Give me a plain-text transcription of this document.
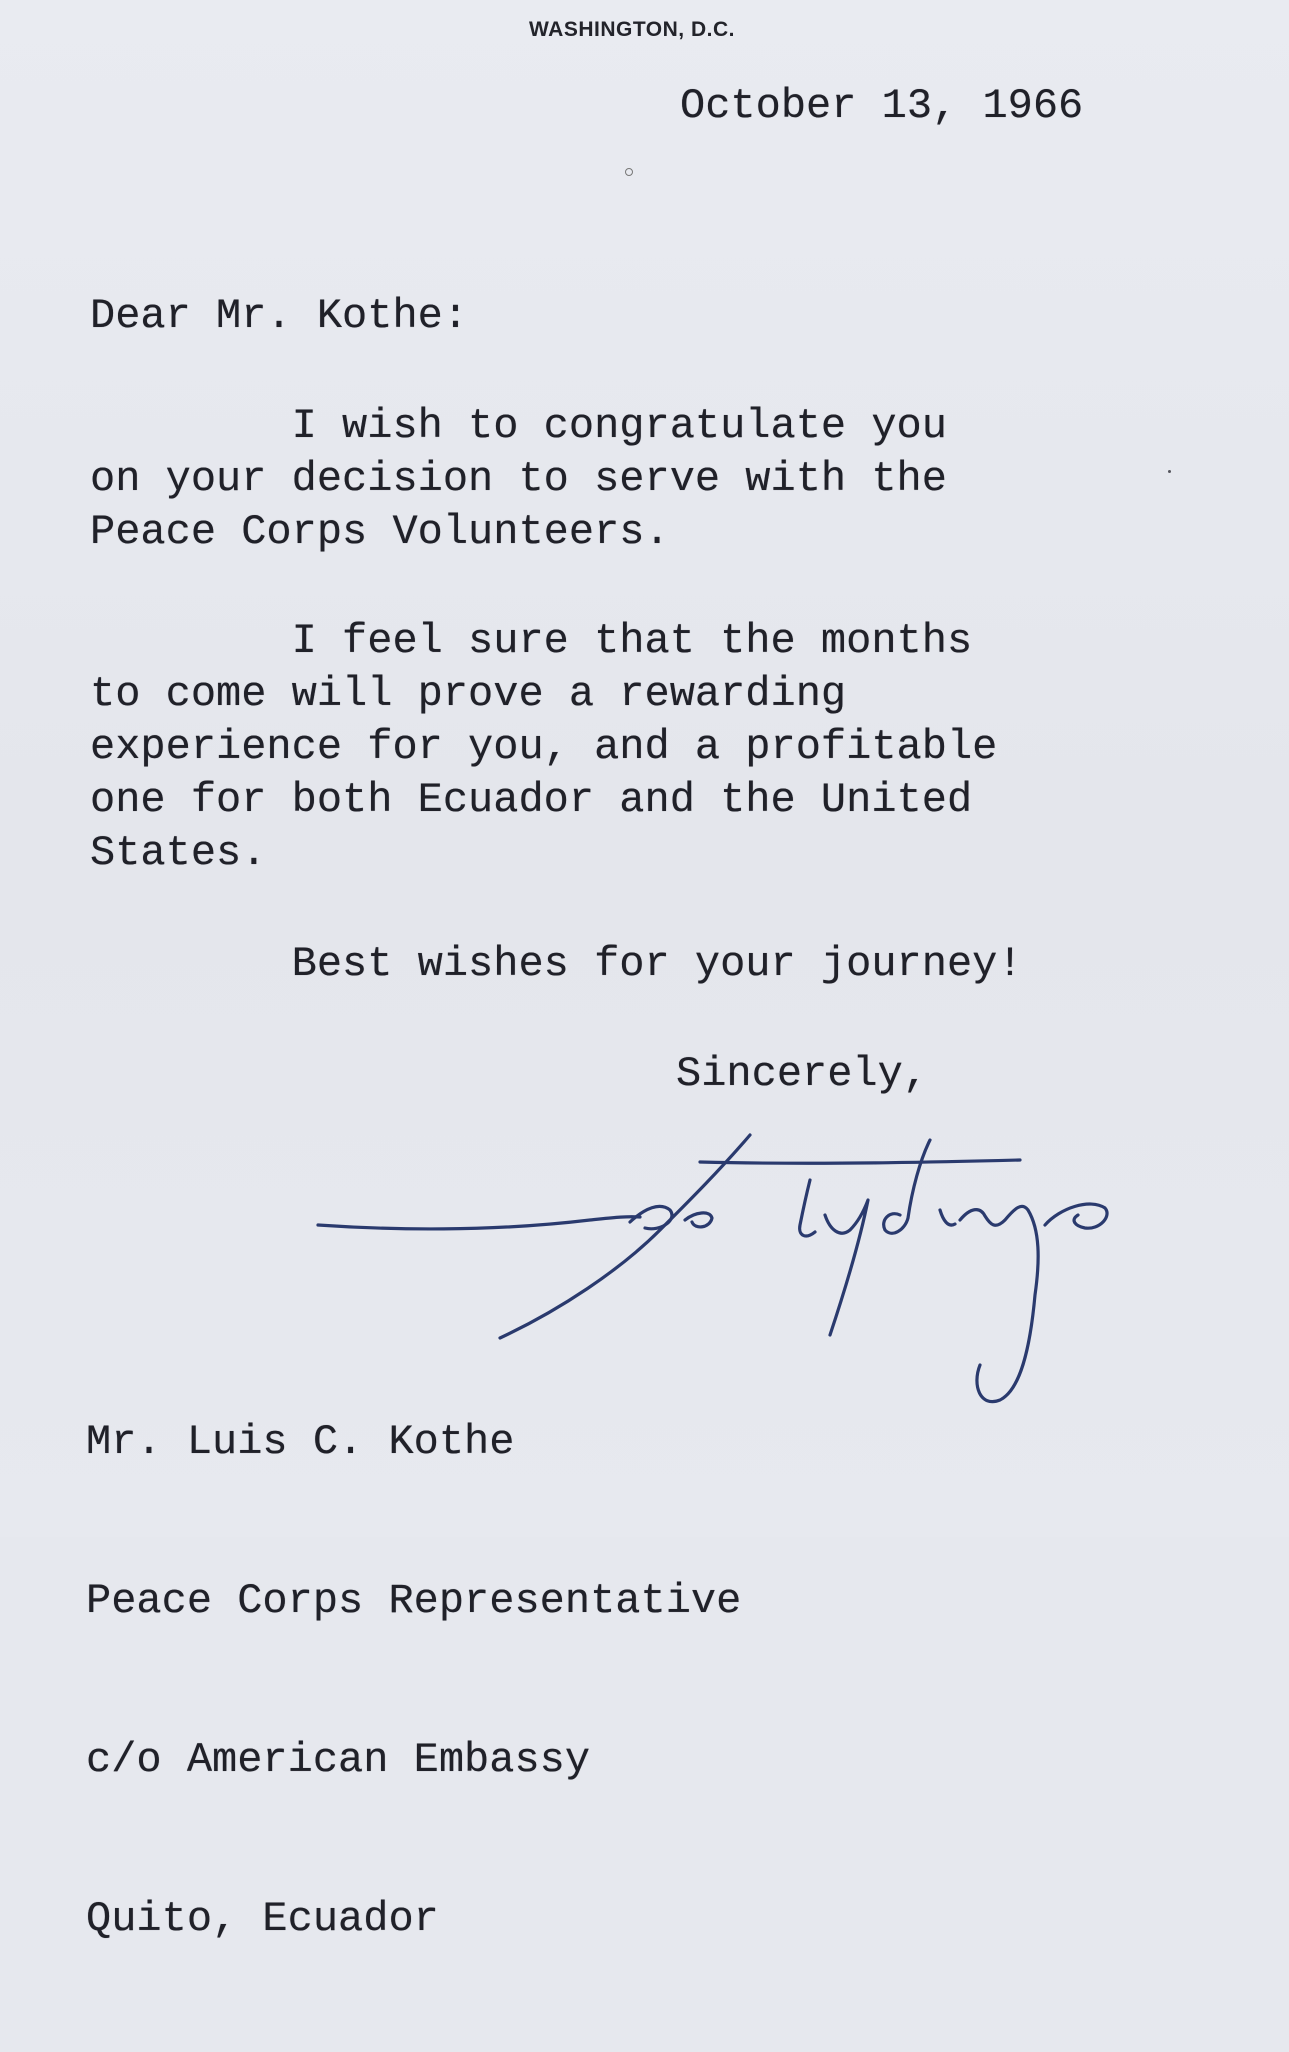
WASHINGTON, D.C.
October 13, 1966
Dear Mr. Kothe:
I wish to congratulate you
on your decision to serve with the
Peace Corps Volunteers.
I feel sure that the months
to come will prove a rewarding
experience for you, and a profitable
one for both Ecuador and the United
States.
Best wishes for your journey!
Sincerely,

Mr. Luis C. Kothe

Peace Corps Representative

c/o American Embassy

Quito, Ecuador
